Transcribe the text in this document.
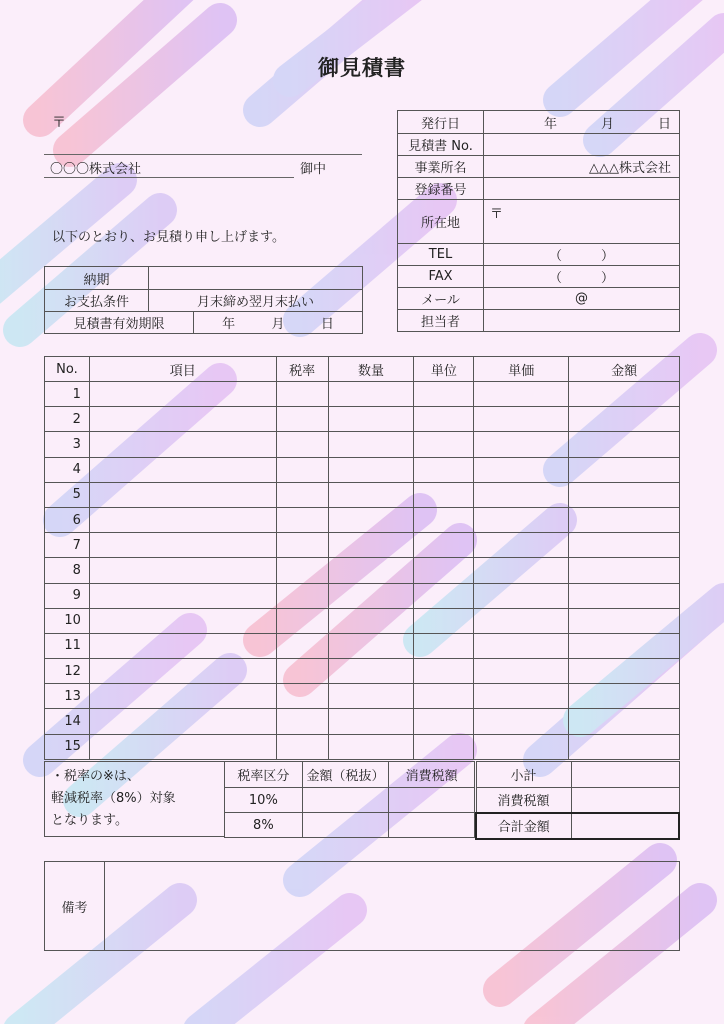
御見積書
〒
〇〇〇株式会社	御中
以下のとおり、お見積り申し上げます。
納期		
お支払条件	月末締め翌月末払い	
見積書有効期限		年 月 日
発行日	年 月 日

見積書 No.	
事業所名	△△△株式会社
登録番号	
所在地	〒
TEL	（　　　）
FAX	（　　　）
メール	@
担当者	
No.	項目	税率	数量	単位	単価	金額
1						
2						
3						
4						
5						
6						
7						
8						
9						
10						
11						
12						
13						
14						
15						
・税率の※は、
軽減税率（8%）対象
となります。
税率区分	金額（税抜）	消費税額
10%		
8%		
小計	
消費税額	
合計金額	
備考	
